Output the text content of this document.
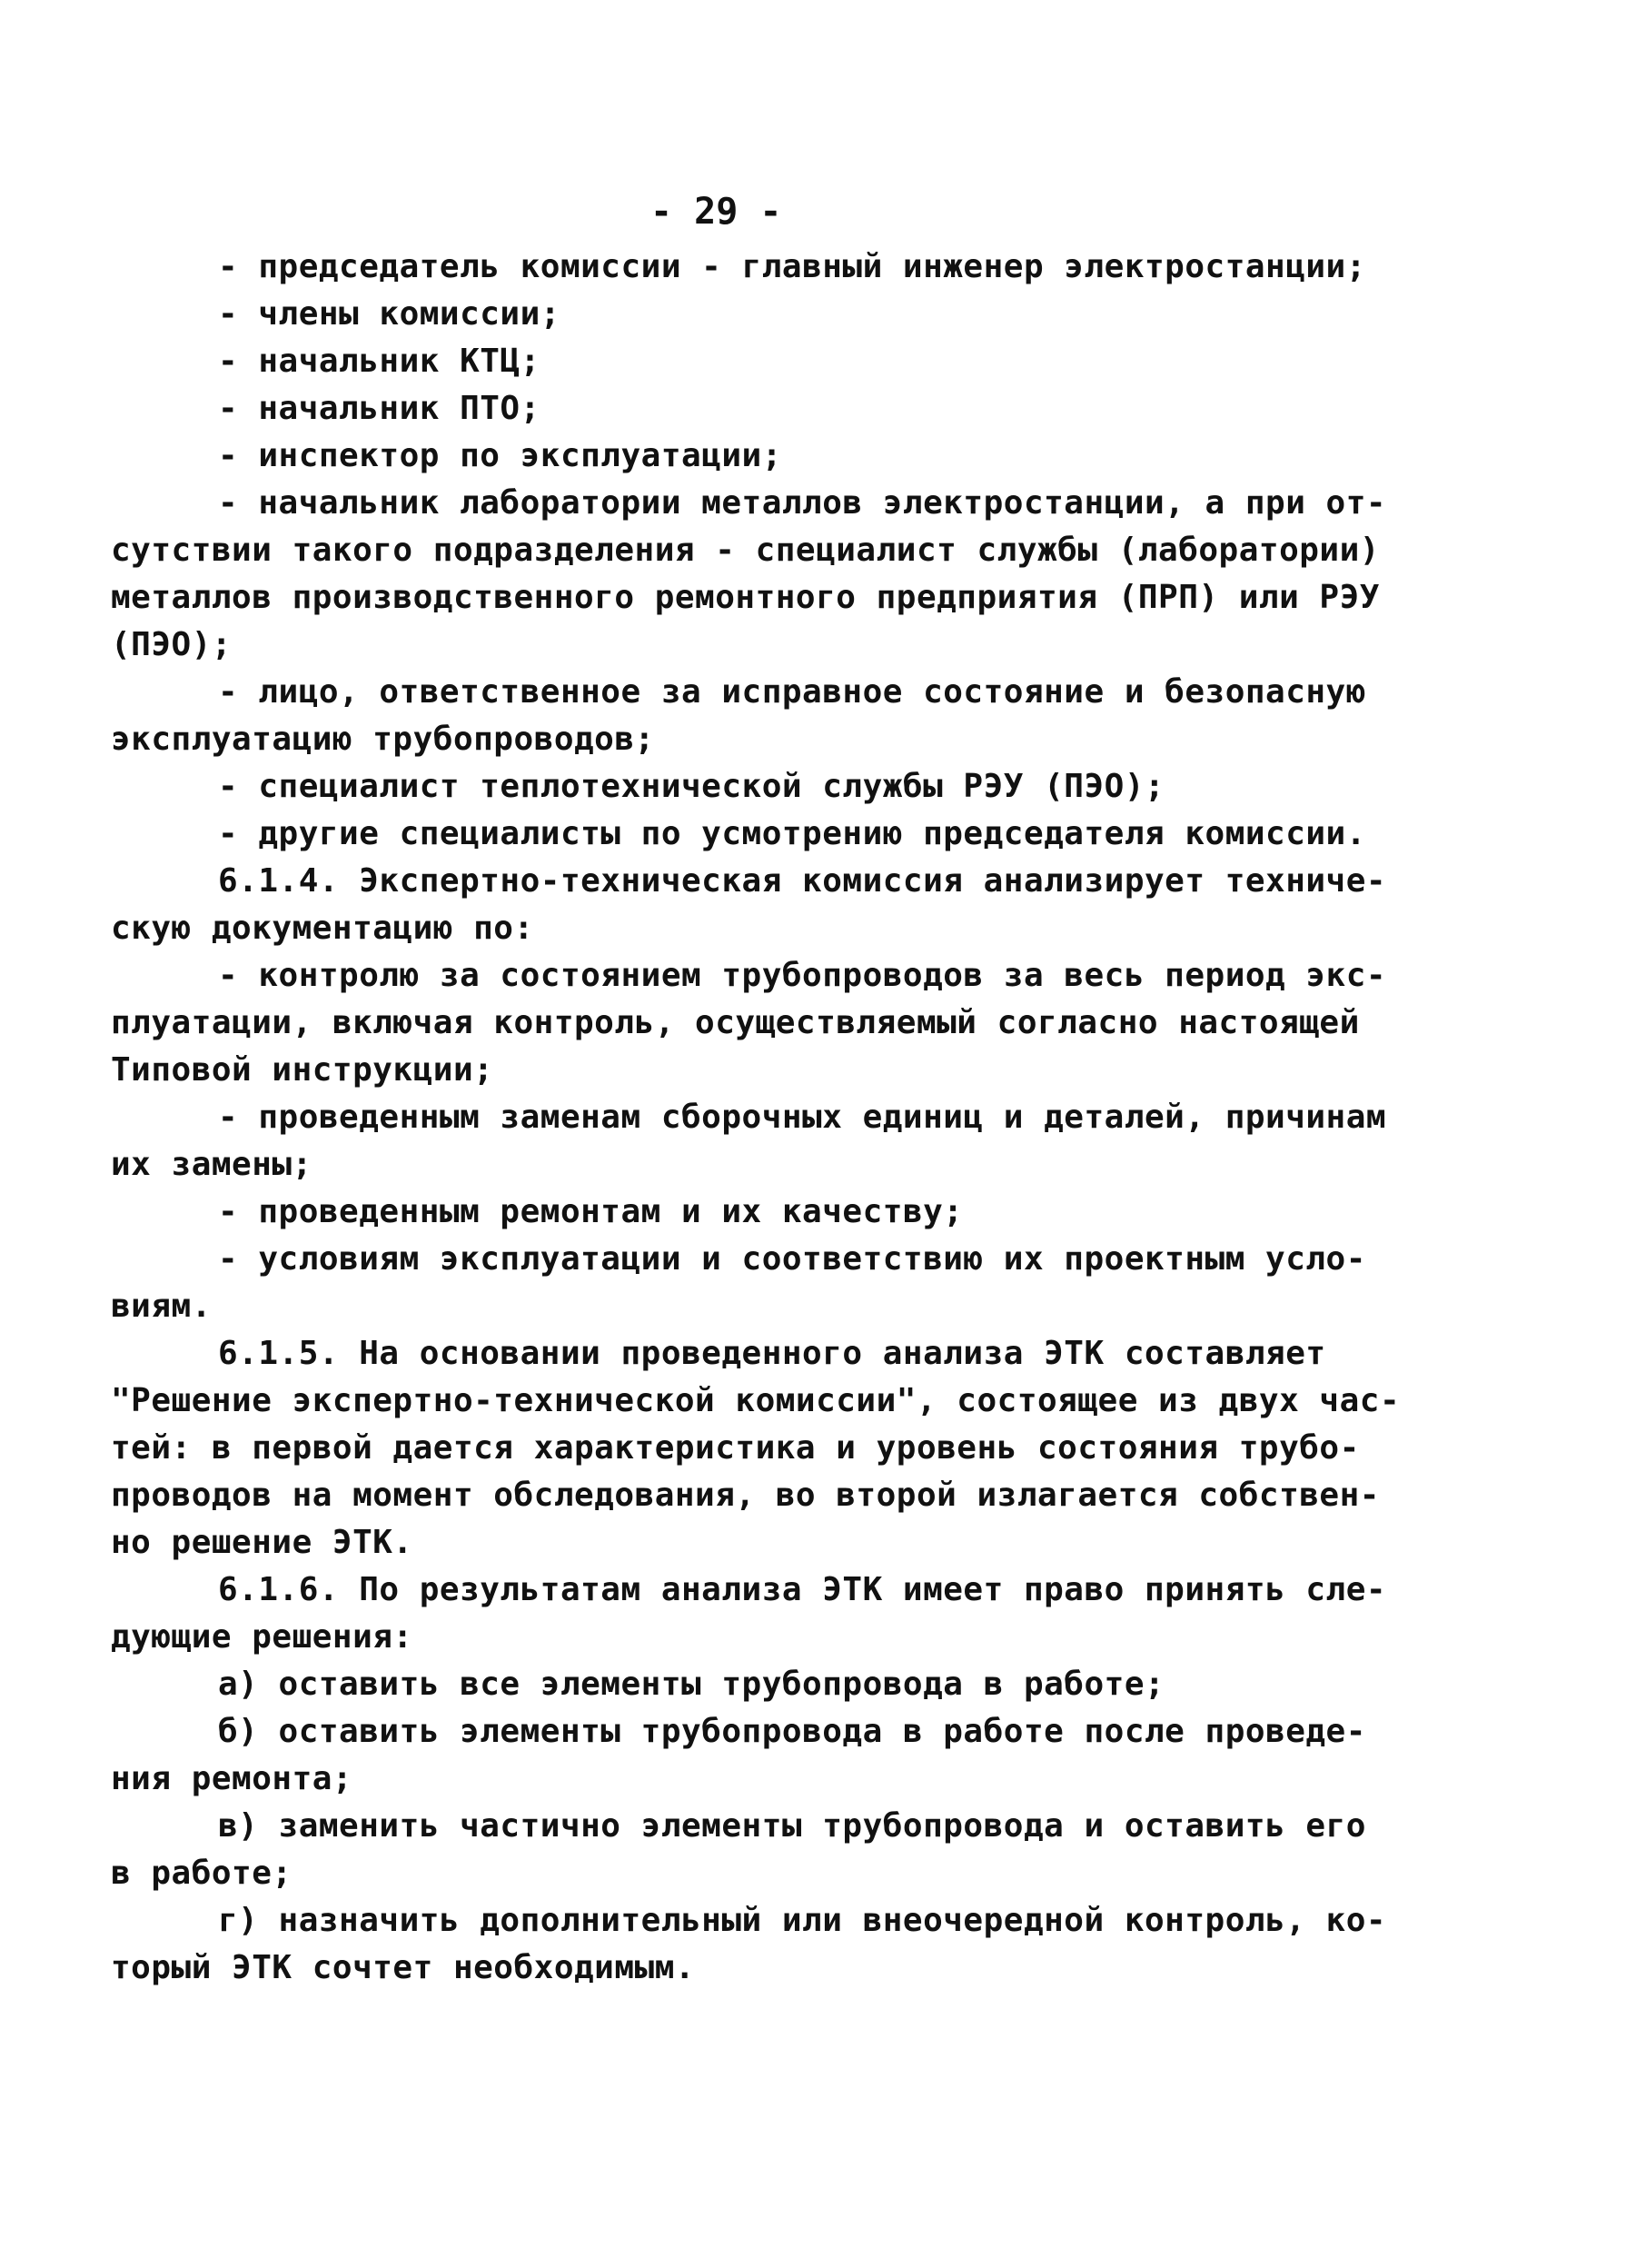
- 29 -
- председатель комиссии - главный инженер электростанции;
- члены комиссии;
- начальник КТЦ;
- начальник ПТО;
- инспектор по эксплуатации;
- начальник лаборатории металлов электростанции, а при от-
сутствии такого подразделения - специалист службы (лаборатории)
металлов производственного ремонтного предприятия (ПРП) или РЭУ
(ПЭО);
- лицо, ответственное за исправное состояние и безопасную
эксплуатацию трубопроводов;
- специалист теплотехнической службы РЭУ (ПЭО);
- другие специалисты по усмотрению председателя комиссии.
6.1.4. Экспертно-техническая комиссия анализирует техниче-
скую документацию по:
- контролю за состоянием трубопроводов за весь период экс-
плуатации, включая контроль, осуществляемый согласно настоящей
Типовой инструкции;
- проведенным заменам сборочных единиц и деталей, причинам
их замены;
- проведенным ремонтам и их качеству;
- условиям эксплуатации и соответствию их проектным усло-
виям.
6.1.5. На основании проведенного анализа ЭТК составляет
"Решение экспертно-технической комиссии", состоящее из двух час-
тей: в первой дается характеристика и уровень состояния трубо-
проводов на момент обследования, во второй излагается собствен-
но решение ЭТК.
6.1.6. По результатам анализа ЭТК имеет право принять сле-
дующие решения:
а) оставить все элементы трубопровода в работе;
б) оставить элементы трубопровода в работе после проведе-
ния ремонта;
в) заменить частично элементы трубопровода и оставить его
в работе;
г) назначить дополнительный или внеочередной контроль, ко-
торый ЭТК сочтет необходимым.
